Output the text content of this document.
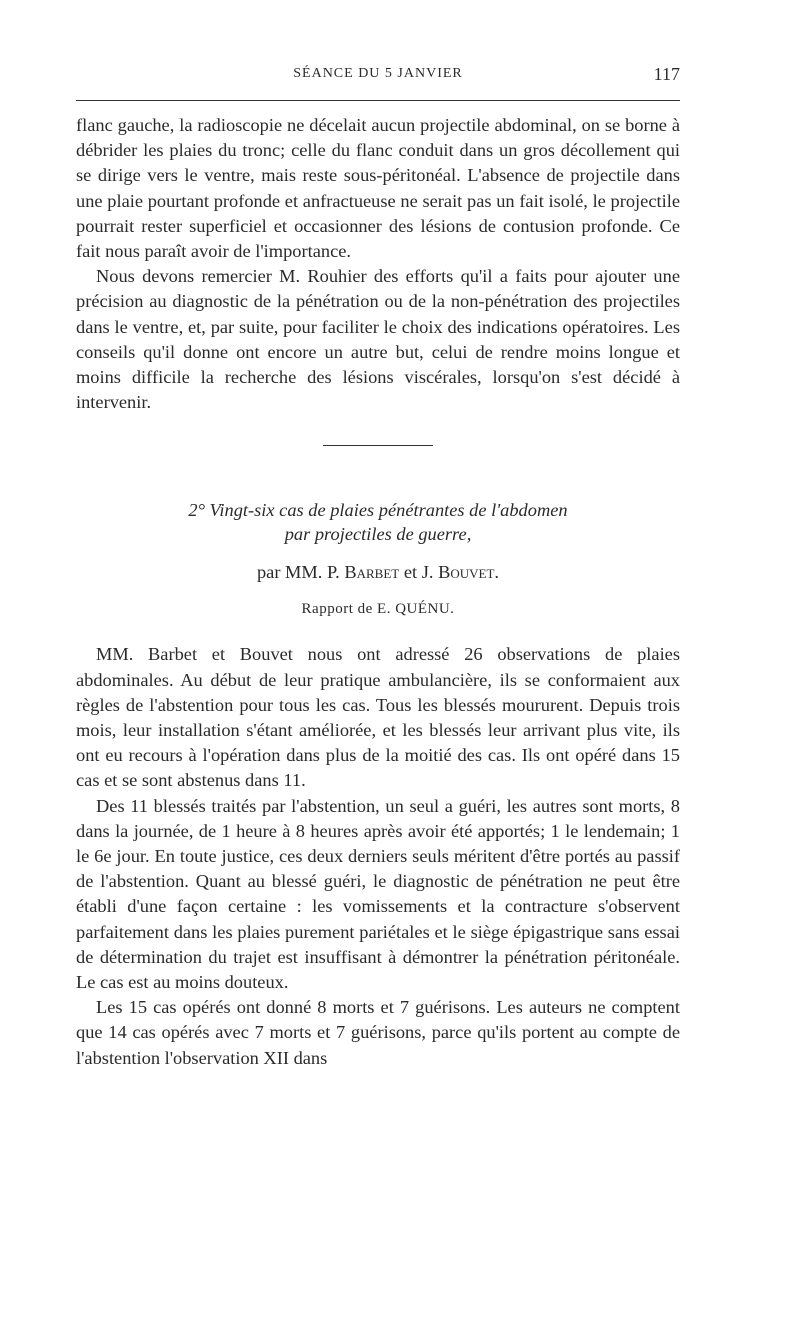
SÉANCE DU 5 JANVIER	117

flanc gauche, la radioscopie ne décelait aucun projectile abdominal, on se borne à débrider les plaies du tronc; celle du flanc conduit dans un gros décollement qui se dirige vers le ventre, mais reste sous-péritonéal. L'absence de projectile dans une plaie pourtant profonde et anfractueuse ne serait pas un fait isolé, le projectile pourrait rester superficiel et occasionner des lésions de contusion profonde. Ce fait nous paraît avoir de l'importance.

Nous devons remercier M. Rouhier des efforts qu'il a faits pour ajouter une précision au diagnostic de la pénétration ou de la non-pénétration des projectiles dans le ventre, et, par suite, pour faciliter le choix des indications opératoires. Les conseils qu'il donne ont encore un autre but, celui de rendre moins longue et moins difficile la recherche des lésions viscérales, lorsqu'on s'est décidé à intervenir.

2° Vingt-six cas de plaies pénétrantes de l'abdomen
par projectiles de guerre,
par MM. P. Barbet et J. Bouvet.
Rapport de E. QUÉNU.

MM. Barbet et Bouvet nous ont adressé 26 observations de plaies abdominales. Au début de leur pratique ambulancière, ils se conformaient aux règles de l'abstention pour tous les cas. Tous les blessés moururent. Depuis trois mois, leur installation s'étant améliorée, et les blessés leur arrivant plus vite, ils ont eu recours à l'opération dans plus de la moitié des cas. Ils ont opéré dans 15 cas et se sont abstenus dans 11.

Des 11 blessés traités par l'abstention, un seul a guéri, les autres sont morts, 8 dans la journée, de 1 heure à 8 heures après avoir été apportés; 1 le lendemain; 1 le 6e jour. En toute justice, ces deux derniers seuls méritent d'être portés au passif de l'abstention. Quant au blessé guéri, le diagnostic de pénétration ne peut être établi d'une façon certaine : les vomissements et la contracture s'observent parfaitement dans les plaies purement pariétales et le siège épigastrique sans essai de détermination du trajet est insuffisant à démontrer la pénétration péritonéale. Le cas est au moins douteux.

Les 15 cas opérés ont donné 8 morts et 7 guérisons. Les auteurs ne comptent que 14 cas opérés avec 7 morts et 7 guérisons, parce qu'ils portent au compte de l'abstention l'observation XII dans
